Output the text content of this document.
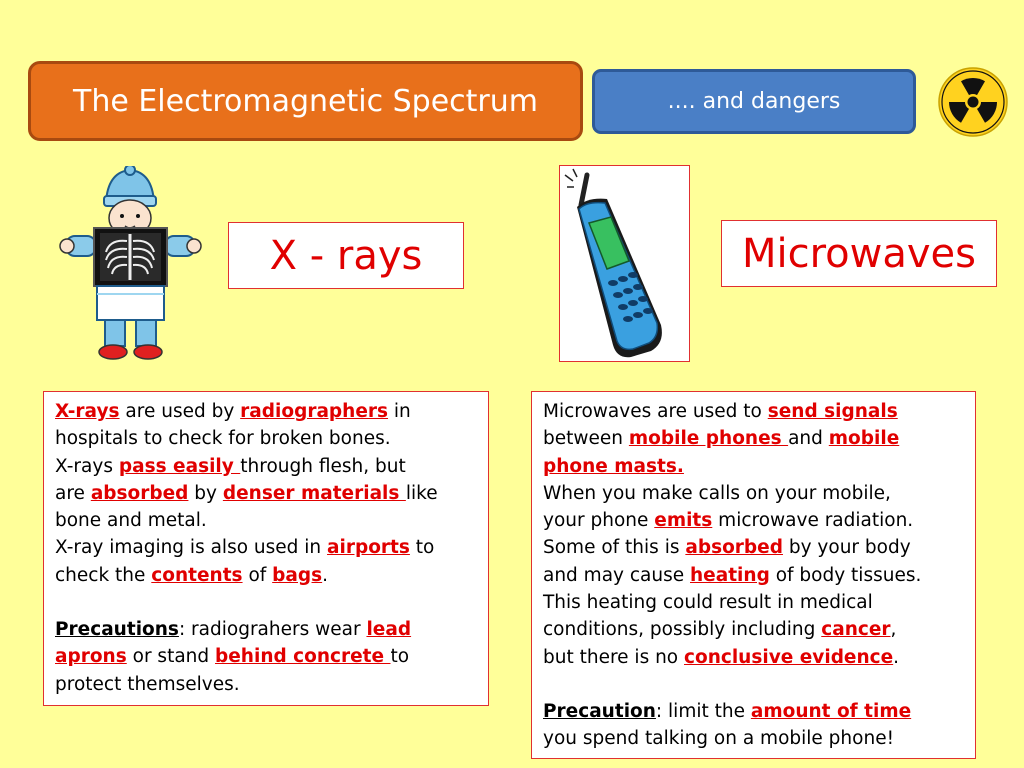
The Electromagnetic Spectrum	.... and dangers
X - rays	Microwaves
X-rays are used by radiographers in
hospitals to check for broken bones.
X-rays pass easily through flesh, but
are absorbed by denser materials like
bone and metal.
X-ray imaging is also used in airports to
check the contents of bags.
Precautions: radiograhers wear lead
aprons or stand behind concrete to
protect themselves.
Microwaves are used to send signals
between mobile phones and mobile
phone masts.
When you make calls on your mobile,
your phone emits microwave radiation.
Some of this is absorbed by your body
and may cause heating of body tissues.
This heating could result in medical
conditions, possibly including cancer,
but there is no conclusive evidence.
Precaution: limit the amount of time
you spend talking on a mobile phone!
